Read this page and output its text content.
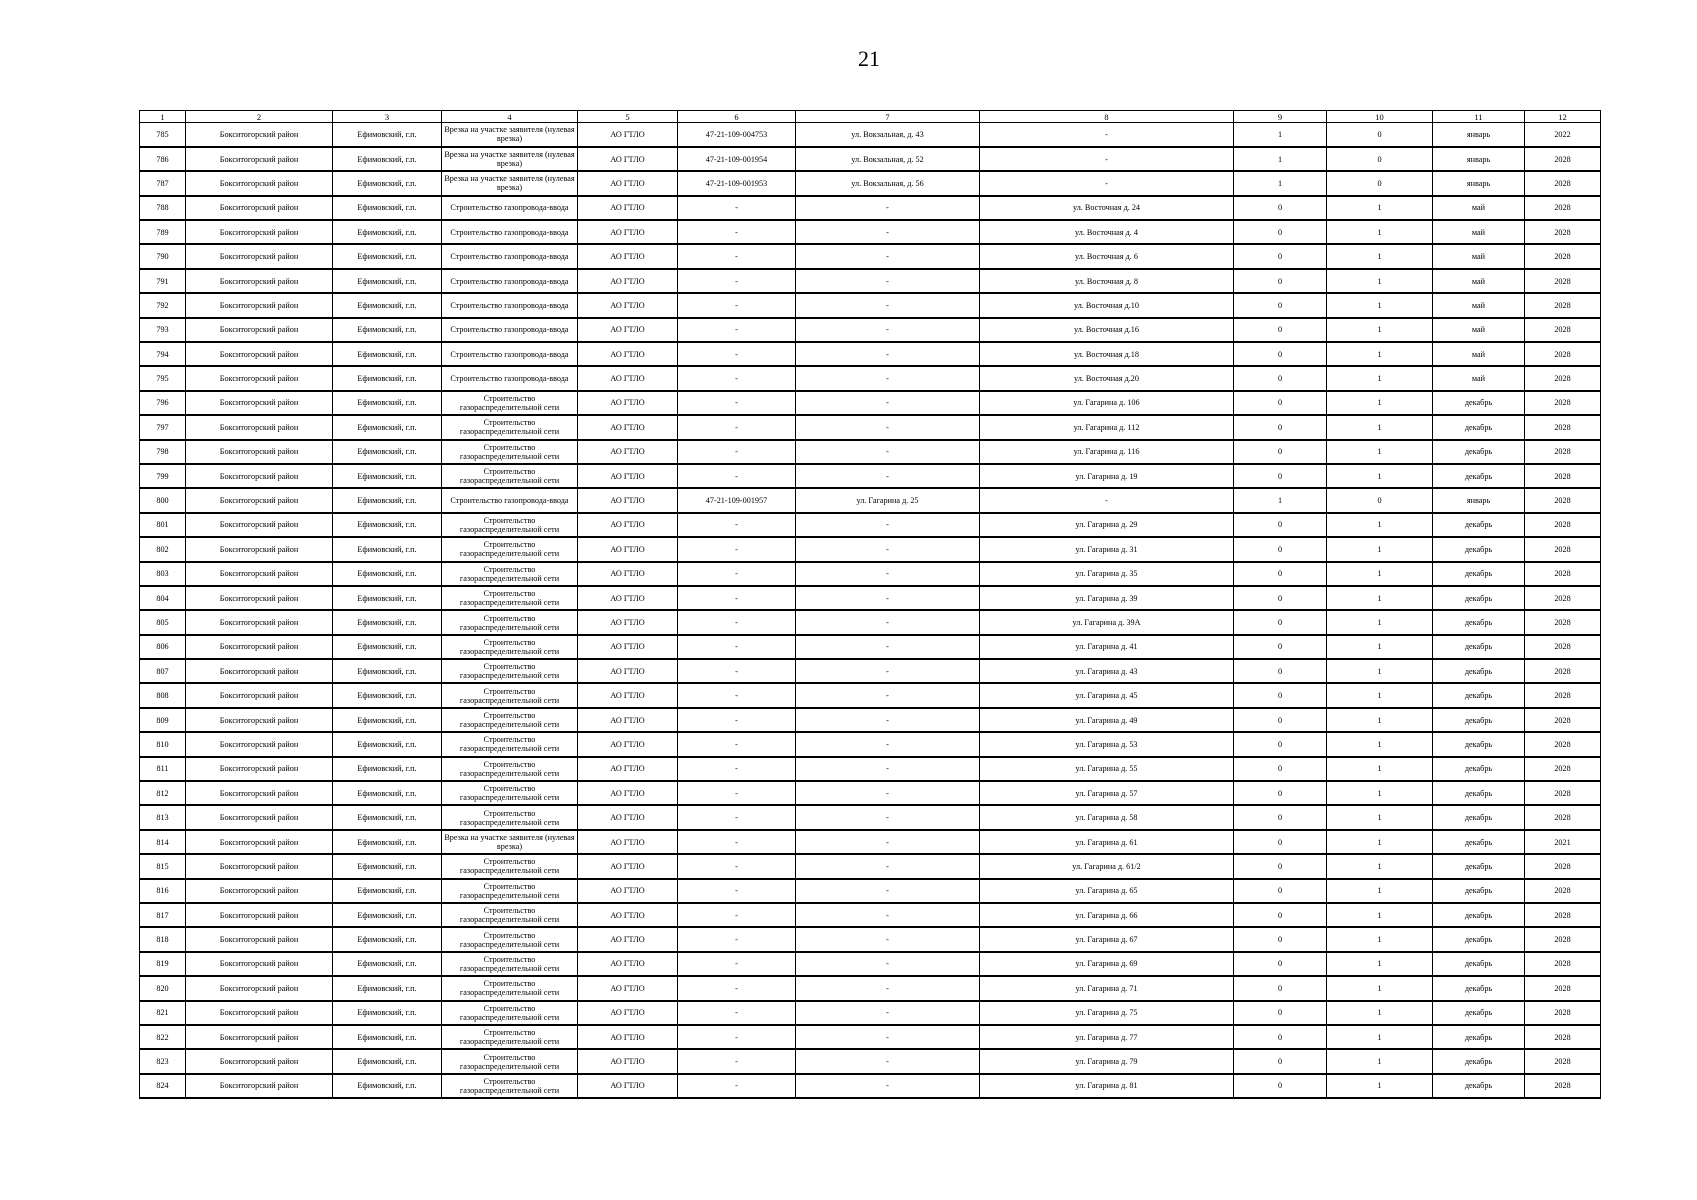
21
1	2	3	4	5	6	7	8	9	10	11	12
785	Бокситогорский район	Ефимовский, г.п.	Врезка на участке заявителя (нулевая врезка)	АО ГТЛО	47-21-109-004753	ул. Вокзальная, д. 43	-	1	0	январь	2022
786	Бокситогорский район	Ефимовский, г.п.	Врезка на участке заявителя (нулевая врезка)	АО ГТЛО	47-21-109-001954	ул. Вокзальная, д. 52	-	1	0	январь	2028
787	Бокситогорский район	Ефимовский, г.п.	Врезка на участке заявителя (нулевая врезка)	АО ГТЛО	47-21-109-001953	ул. Вокзальная, д. 56	-	1	0	январь	2028
788	Бокситогорский район	Ефимовский, г.п.	Строительство газопровода-ввода	АО ГТЛО	-	-	ул. Восточная д. 24	0	1	май	2028
789	Бокситогорский район	Ефимовский, г.п.	Строительство газопровода-ввода	АО ГТЛО	-	-	ул. Восточная д. 4	0	1	май	2028
790	Бокситогорский район	Ефимовский, г.п.	Строительство газопровода-ввода	АО ГТЛО	-	-	ул. Восточная д. 6	0	1	май	2028
791	Бокситогорский район	Ефимовский, г.п.	Строительство газопровода-ввода	АО ГТЛО	-	-	ул. Восточная д. 8	0	1	май	2028
792	Бокситогорский район	Ефимовский, г.п.	Строительство газопровода-ввода	АО ГТЛО	-	-	ул. Восточная д.10	0	1	май	2028
793	Бокситогорский район	Ефимовский, г.п.	Строительство газопровода-ввода	АО ГТЛО	-	-	ул. Восточная д.16	0	1	май	2028
794	Бокситогорский район	Ефимовский, г.п.	Строительство газопровода-ввода	АО ГТЛО	-	-	ул. Восточная д.18	0	1	май	2028
795	Бокситогорский район	Ефимовский, г.п.	Строительство газопровода-ввода	АО ГТЛО	-	-	ул. Восточная д.20	0	1	май	2028
796	Бокситогорский район	Ефимовский, г.п.	Строительство газораспределительной сети	АО ГТЛО	-	-	ул. Гагарина д. 106	0	1	декабрь	2028
797	Бокситогорский район	Ефимовский, г.п.	Строительство газораспределительной сети	АО ГТЛО	-	-	ул. Гагарина д. 112	0	1	декабрь	2028
798	Бокситогорский район	Ефимовский, г.п.	Строительство газораспределительной сети	АО ГТЛО	-	-	ул. Гагарина д. 116	0	1	декабрь	2028
799	Бокситогорский район	Ефимовский, г.п.	Строительство газораспределительной сети	АО ГТЛО	-	-	ул. Гагарина д. 19	0	1	декабрь	2028
800	Бокситогорский район	Ефимовский, г.п.	Строительство газопровода-ввода	АО ГТЛО	47-21-109-001957	ул. Гагарина д. 25	-	1	0	январь	2028
801	Бокситогорский район	Ефимовский, г.п.	Строительство газораспределительной сети	АО ГТЛО	-	-	ул. Гагарина д. 29	0	1	декабрь	2028
802	Бокситогорский район	Ефимовский, г.п.	Строительство газораспределительной сети	АО ГТЛО	-	-	ул. Гагарина д. 31	0	1	декабрь	2028
803	Бокситогорский район	Ефимовский, г.п.	Строительство газораспределительной сети	АО ГТЛО	-	-	ул. Гагарина д. 35	0	1	декабрь	2028
804	Бокситогорский район	Ефимовский, г.п.	Строительство газораспределительной сети	АО ГТЛО	-	-	ул. Гагарина д. 39	0	1	декабрь	2028
805	Бокситогорский район	Ефимовский, г.п.	Строительство газораспределительной сети	АО ГТЛО	-	-	ул. Гагарина д. 39А	0	1	декабрь	2028
806	Бокситогорский район	Ефимовский, г.п.	Строительство газораспределительной сети	АО ГТЛО	-	-	ул. Гагарина д. 41	0	1	декабрь	2028
807	Бокситогорский район	Ефимовский, г.п.	Строительство газораспределительной сети	АО ГТЛО	-	-	ул. Гагарина д. 43	0	1	декабрь	2028
808	Бокситогорский район	Ефимовский, г.п.	Строительство газораспределительной сети	АО ГТЛО	-	-	ул. Гагарина д. 45	0	1	декабрь	2028
809	Бокситогорский район	Ефимовский, г.п.	Строительство газораспределительной сети	АО ГТЛО	-	-	ул. Гагарина д. 49	0	1	декабрь	2028
810	Бокситогорский район	Ефимовский, г.п.	Строительство газораспределительной сети	АО ГТЛО	-	-	ул. Гагарина д. 53	0	1	декабрь	2028
811	Бокситогорский район	Ефимовский, г.п.	Строительство газораспределительной сети	АО ГТЛО	-	-	ул. Гагарина д. 55	0	1	декабрь	2028
812	Бокситогорский район	Ефимовский, г.п.	Строительство газораспределительной сети	АО ГТЛО	-	-	ул. Гагарина д. 57	0	1	декабрь	2028
813	Бокситогорский район	Ефимовский, г.п.	Строительство газораспределительной сети	АО ГТЛО	-	-	ул. Гагарина д. 58	0	1	декабрь	2028
814	Бокситогорский район	Ефимовский, г.п.	Врезка на участке заявителя (нулевая врезка)	АО ГТЛО	-	-	ул. Гагарина д. 61	0	1	декабрь	2021
815	Бокситогорский район	Ефимовский, г.п.	Строительство газораспределительной сети	АО ГТЛО	-	-	ул. Гагарина д. 61/2	0	1	декабрь	2028
816	Бокситогорский район	Ефимовский, г.п.	Строительство газораспределительной сети	АО ГТЛО	-	-	ул. Гагарина д. 65	0	1	декабрь	2028
817	Бокситогорский район	Ефимовский, г.п.	Строительство газораспределительной сети	АО ГТЛО	-	-	ул. Гагарина д. 66	0	1	декабрь	2028
818	Бокситогорский район	Ефимовский, г.п.	Строительство газораспределительной сети	АО ГТЛО	-	-	ул. Гагарина д. 67	0	1	декабрь	2028
819	Бокситогорский район	Ефимовский, г.п.	Строительство газораспределительной сети	АО ГТЛО	-	-	ул. Гагарина д. 69	0	1	декабрь	2028
820	Бокситогорский район	Ефимовский, г.п.	Строительство газораспределительной сети	АО ГТЛО	-	-	ул. Гагарина д. 71	0	1	декабрь	2028
821	Бокситогорский район	Ефимовский, г.п.	Строительство газораспределительной сети	АО ГТЛО	-	-	ул. Гагарина д. 75	0	1	декабрь	2028
822	Бокситогорский район	Ефимовский, г.п.	Строительство газораспределительной сети	АО ГТЛО	-	-	ул. Гагарина д. 77	0	1	декабрь	2028
823	Бокситогорский район	Ефимовский, г.п.	Строительство газораспределительной сети	АО ГТЛО	-	-	ул. Гагарина д. 79	0	1	декабрь	2028
824	Бокситогорский район	Ефимовский, г.п.	Строительство газораспределительной сети	АО ГТЛО	-	-	ул. Гагарина д. 81	0	1	декабрь	2028
